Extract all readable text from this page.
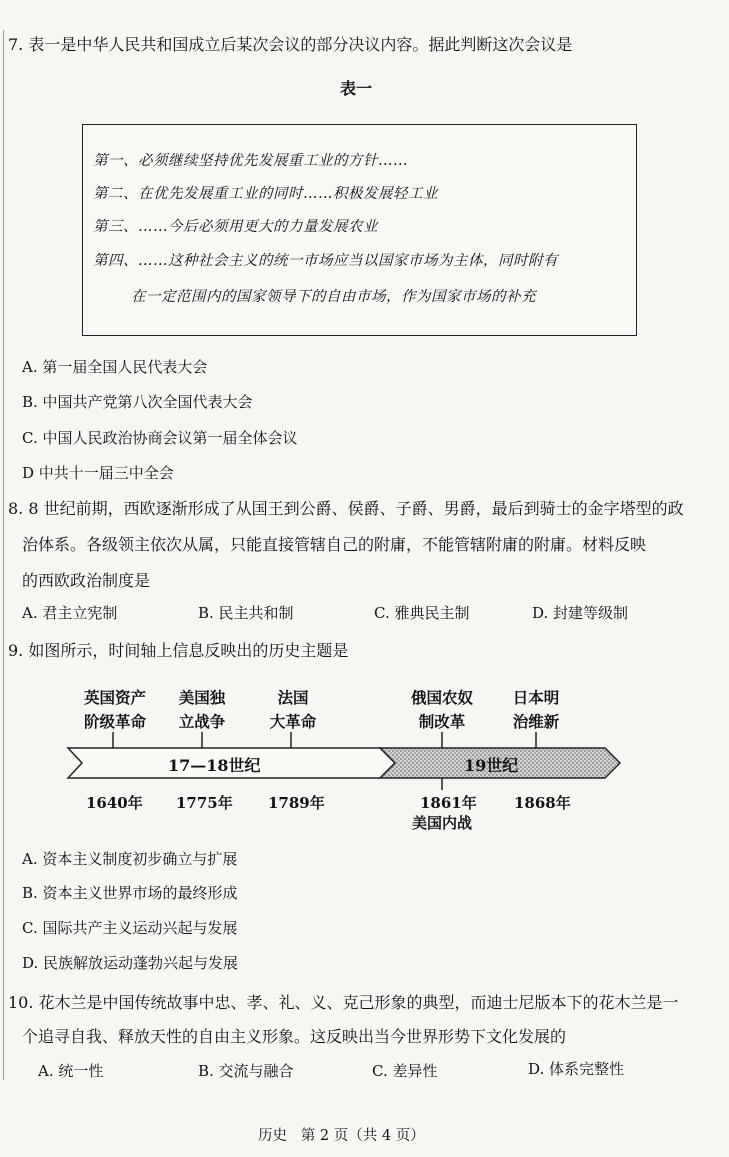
7. 表一是中华人民共和国成立后某次会议的部分决议内容。据此判断这次会议是
表一
第一、必须继续坚持优先发展重工业的方针……
第二、在优先发展重工业的同时……积极发展轻工业
第三、……今后必须用更大的力量发展农业
第四、……这种社会主义的统一市场应当以国家市场为主体，同时附有
在一定范围内的国家领导下的自由市场，作为国家市场的补充
A. 第一届全国人民代表大会
B. 中国共产党第八次全国代表大会
C. 中国人民政治协商会议第一届全体会议
D 中共十一届三中全会
8. 8 世纪前期，西欧逐渐形成了从国王到公爵、侯爵、子爵、男爵，最后到骑士的金字塔型的政
治体系。各级领主依次从属，只能直接管辖自己的附庸，不能管辖附庸的附庸。材料反映
的西欧政治制度是
A. 君主立宪制	B. 民主共和制	C. 雅典民主制	D. 封建等级制
9. 如图所示，时间轴上信息反映出的历史主题是
英国资产
阶级革命
美国独
立战争
法国
大革命
俄国农奴
制改革
日本明
治维新
17—18世纪	19世纪
1640年 1775年 1789年	1861年 1868年
美国内战
A. 资本主义制度初步确立与扩展
B. 资本主义世界市场的最终形成
C. 国际共产主义运动兴起与发展
D. 民族解放运动蓬勃兴起与发展
10. 花木兰是中国传统故事中忠、孝、礼、义、克己形象的典型，而迪士尼版本下的花木兰是一
个追寻自我、释放天性的自由主义形象。这反映出当今世界形势下文化发展的
A. 统一性	B. 交流与融合	C. 差异性	D. 体系完整性
历史   第 2 页（共 4 页）
